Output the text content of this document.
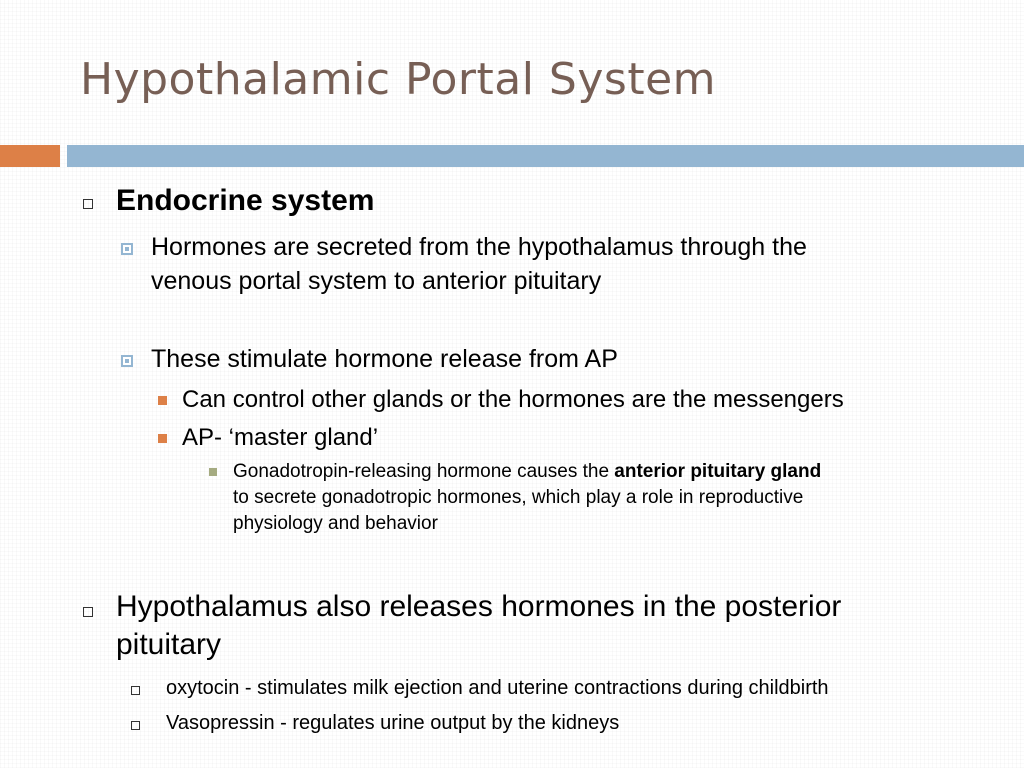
Hypothalamic Portal System
Endocrine system
Hormones are secreted from the hypothalamus through the
venous portal system to anterior pituitary
These stimulate hormone release from AP
Can control other glands or the hormones are the messengers
AP- ‘master gland’
Gonadotropin-releasing hormone causes the anterior pituitary gland
to secrete gonadotropic hormones, which play a role in reproductive
physiology and behavior
Hypothalamus also releases hormones in the posterior
pituitary
oxytocin - stimulates milk ejection and uterine contractions during childbirth
Vasopressin - regulates urine output by the kidneys
